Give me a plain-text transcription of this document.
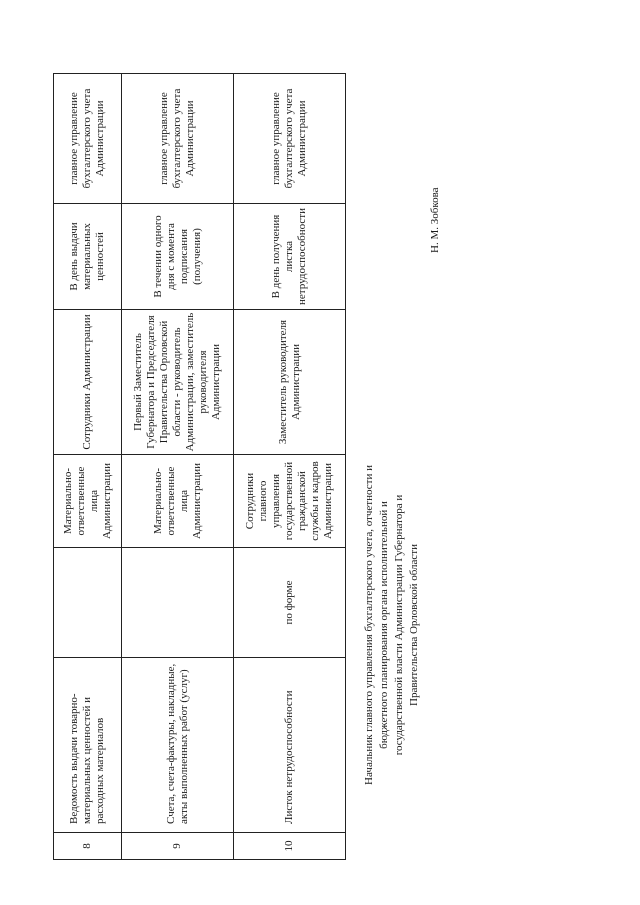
8	Ведомость выдачи товарно-материальных ценностей и расходных материалов		Материально-ответственные лица Администрации	Сотрудники Администрации	В день выдачи материальных ценностей	главное управление бухгалтерского учета Администрации
9	Счета, счета-фактуры, накладные, акты выполненных работ (услуг)		Материально-ответственные лица Администрации	Первый Заместитель Губернатора и Председателя Правительства Орловской области - руководитель Администрации, заместитель руководителя Администрации	В течении одного дня с момента подписания (получения)	главное управление бухгалтерского учета Администрации
10	Листок нетрудоспособности	по форме	Сотрудники главного управления государственной гражданской службы и кадров Администрации	Заместитель руководителя Администрации	В день получения листка нетрудоспособности	главное управление бухгалтерского учета Администрации
Начальник главного управления бухгалтерского учета, отчетности и бюджетного планирования органа исполнительной и государственной власти Администрации Губернатора и Правительства Орловской области
Н. М. Зобкова
